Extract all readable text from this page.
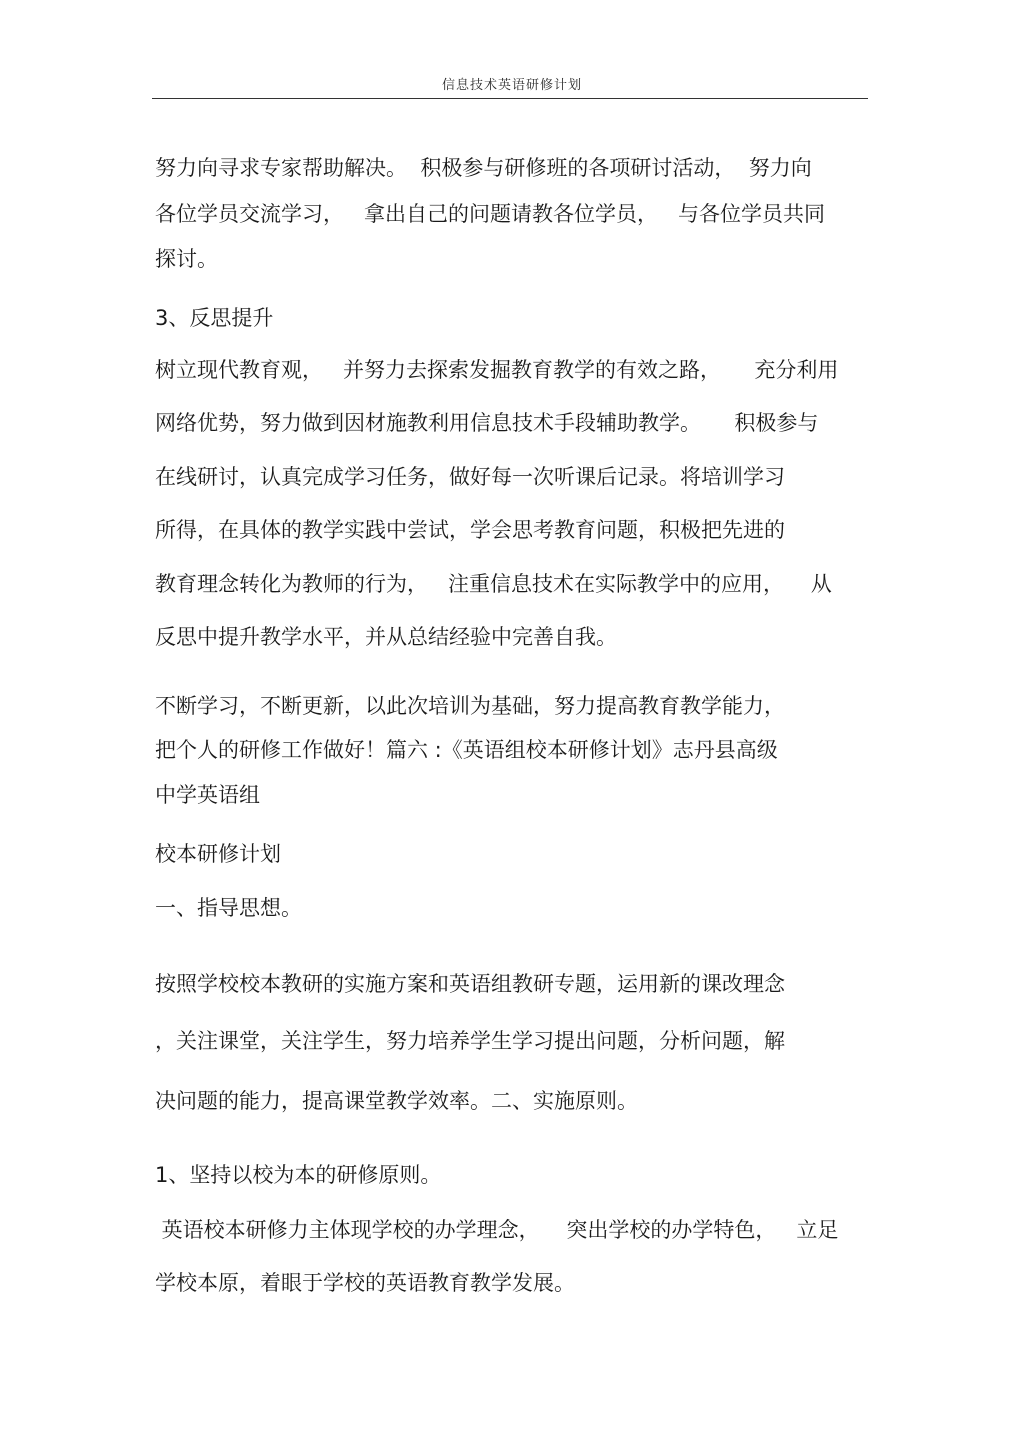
信息技术英语研修计划
努力向寻求专家帮助解决。  积极参与研修班的各项研讨活动，  努力向
各位学员交流学习，   拿出自己的问题请教各位学员，   与各位学员共同
探讨。
3、反思提升
树立现代教育观，   并努力去探索发掘教育教学的有效之路，     充分利用
网络优势，努力做到因材施教利用信息技术手段辅助教学。     积极参与
在线研讨，认真完成学习任务，做好每一次听课后记录。将培训学习
所得，在具体的教学实践中尝试，学会思考教育问题，积极把先进的
教育理念转化为教师的行为，   注重信息技术在实际教学中的应用，    从
反思中提升教学水平，并从总结经验中完善自我。
不断学习，不断更新，以此次培训为基础，努力提高教育教学能力，
把个人的研修工作做好！篇六 :《英语组校本研修计划》志丹县高级
中学英语组
校本研修计划
一、指导思想。
按照学校校本教研的实施方案和英语组教研专题，运用新的课改理念
，关注课堂，关注学生，努力培养学生学习提出问题，分析问题，解
决问题的能力，提高课堂教学效率。二、实施原则。
1、坚持以校为本的研修原则。
英语校本研修力主体现学校的办学理念，    突出学校的办学特色，   立足
学校本原，着眼于学校的英语教育教学发展。
